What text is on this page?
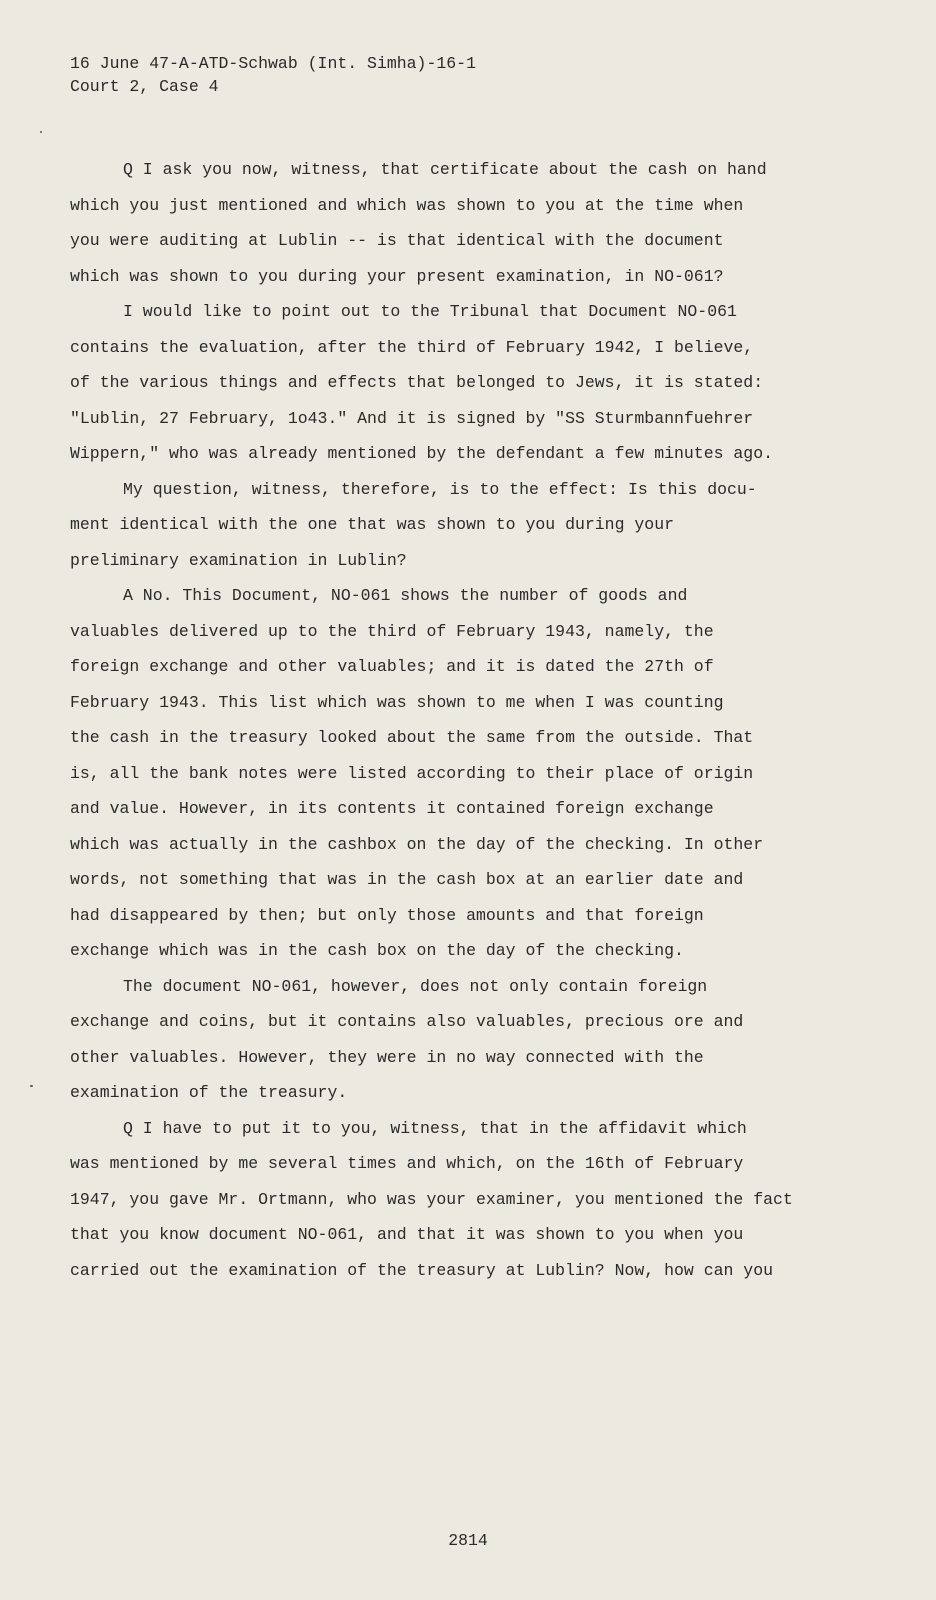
16 June 47-A-ATD-Schwab (Int. Simha)-16-1
Court 2, Case 4
Q I ask you now, witness, that certificate about the cash on hand
which you just mentioned and which was shown to you at the time when
you were auditing at Lublin -- is that identical with the document
which was shown to you during your present examination, in NO-061?
I would like to point out to the Tribunal that Document NO-061
contains the evaluation, after the third of February 1942, I believe,
of the various things and effects that belonged to Jews, it is stated:
"Lublin, 27 February, 1o43." And it is signed by "SS Sturmbannfuehrer
Wippern," who was already mentioned by the defendant a few minutes ago.
My question, witness, therefore, is to the effect: Is this docu-
ment identical with the one that was shown to you during your
preliminary examination in Lublin?
A No. This Document, NO-061 shows the number of goods and
valuables delivered up to the third of February 1943, namely, the
foreign exchange and other valuables; and it is dated the 27th of
February 1943. This list which was shown to me when I was counting
the cash in the treasury looked about the same from the outside. That
is, all the bank notes were listed according to their place of origin
and value. However, in its contents it contained foreign exchange
which was actually in the cashbox on the day of the checking. In other
words, not something that was in the cash box at an earlier date and
had disappeared by then; but only those amounts and that foreign
exchange which was in the cash box on the day of the checking.
The document NO-061, however, does not only contain foreign
exchange and coins, but it contains also valuables, precious ore and
other valuables. However, they were in no way connected with the
examination of the treasury.
Q I have to put it to you, witness, that in the affidavit which
was mentioned by me several times and which, on the 16th of February
1947, you gave Mr. Ortmann, who was your examiner, you mentioned the fact
that you know document NO-061, and that it was shown to you when you
carried out the examination of the treasury at Lublin? Now, how can you
2814
